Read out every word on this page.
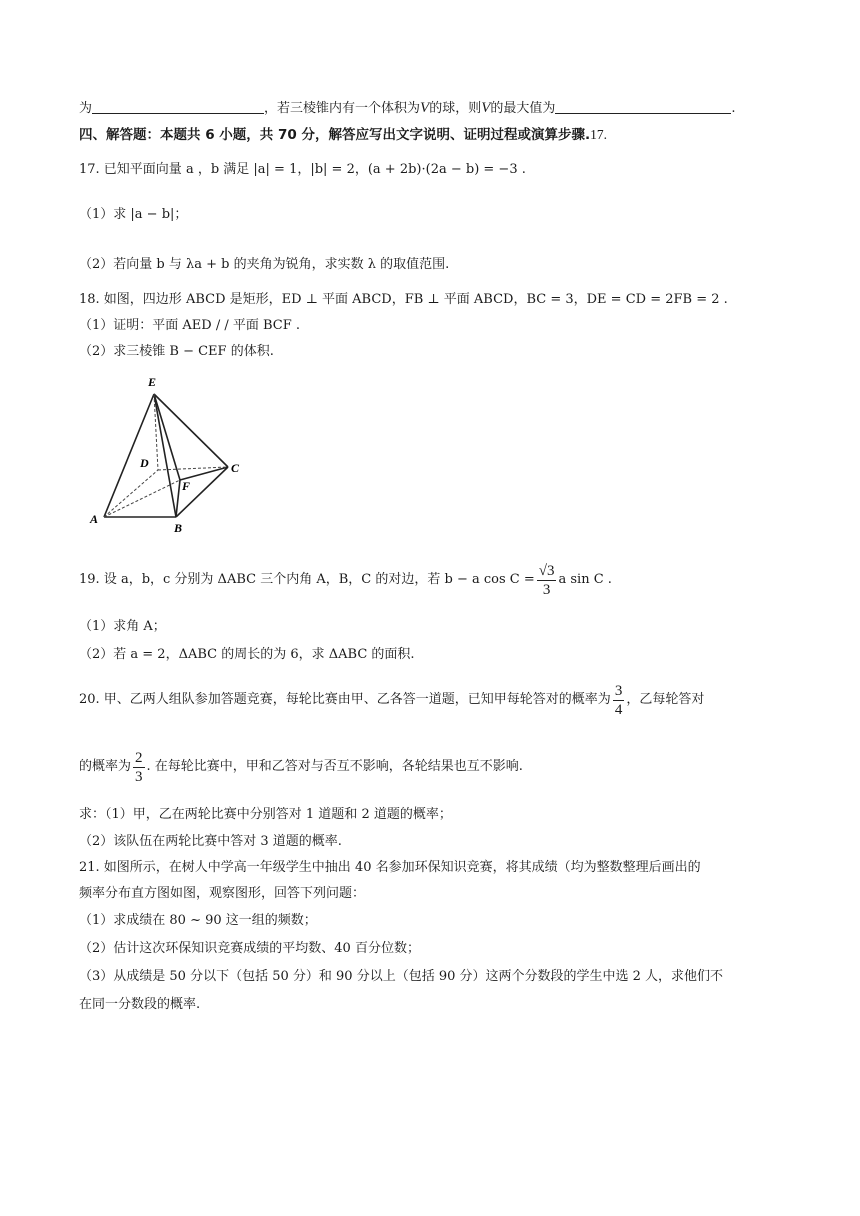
为	，若三棱锥内有一个体积为V的球，则V的最大值为	.
四、解答题：本题共 6 小题，共 70 分，解答应写出文字说明、证明过程或演算步骤.17.
17. 已知平面向量 a ，b 满足 |a| = 1，|b| = 2，(a + 2b)·(2a − b) = −3 .
（1）求 |a − b|；
（2）若向量 b 与 λa + b 的夹角为锐角，求实数 λ 的取值范围.
18. 如图，四边形 ABCD 是矩形，ED ⊥ 平面 ABCD，FB ⊥ 平面 ABCD，BC = 3，DE = CD = 2FB = 2 .
（1）证明：平面 AED / / 平面 BCF .
（2）求三棱锥 B − CEF 的体积.
E
D	C
F
A
B
19. 设 a，b，c 分别为 ΔABC 三个内角 A，B，C 的对边，若 b − a $\cos C = \frac{√3}{3}$ a sin C .
（1）求角 A；
（2）若 a = 2，ΔABC 的周长的为 6，求 ΔABC 的面积.
20. 甲、乙两人组队参加答题竞赛，每轮比赛由甲、乙各答一道题，已知甲每轮答对的概率为 $\frac{3}{4}$ ，乙每轮答对
的概率为 $\frac{2}{3}$ . 在每轮比赛中，甲和乙答对与否互不影响，各轮结果也互不影响.
求：（1）甲，乙在两轮比赛中分别答对 1 道题和 2 道题的概率；
（2）该队伍在两轮比赛中答对 3 道题的概率.
21. 如图所示，在树人中学高一年级学生中抽出 40 名参加环保知识竞赛，将其成绩（均为整数整理后画出的
频率分布直方图如图，观察图形，回答下列问题：
（1）求成绩在 80 ~ 90 这一组的频数；
（2）估计这次环保知识竞赛成绩的平均数、40 百分位数；
（3）从成绩是 50 分以下（包括 50 分）和 90 分以上（包括 90 分）这两个分数段的学生中选 2 人，求他们不
在同一分数段的概率.
